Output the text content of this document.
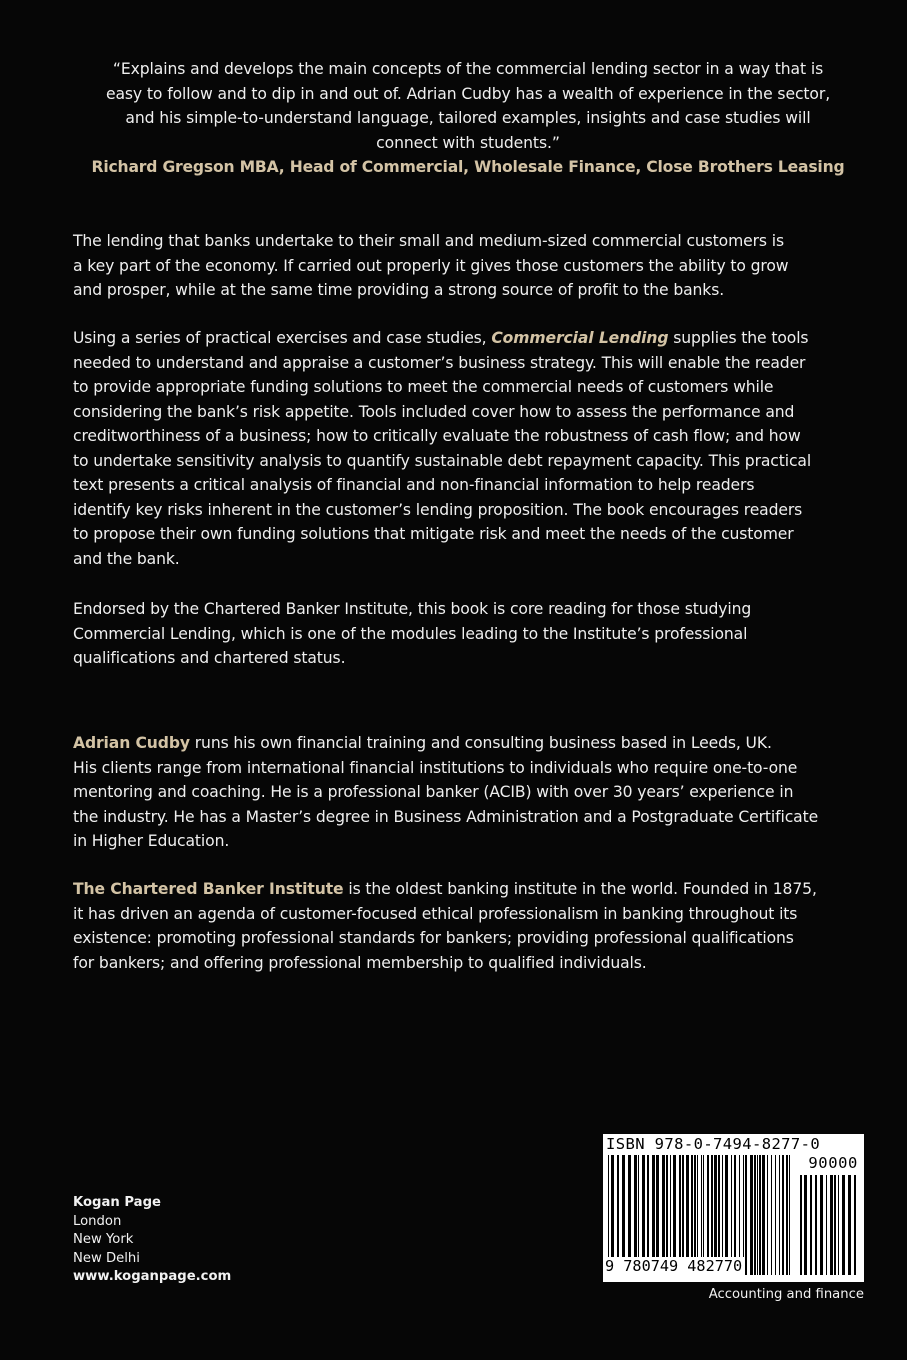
“Explains and develops the main concepts of the commercial lending sector in a way that is
easy to follow and to dip in and out of. Adrian Cudby has a wealth of experience in the sector,
and his simple-to-understand language, tailored examples, insights and case studies will
connect with students.”
Richard Gregson MBA, Head of Commercial, Wholesale Finance, Close Brothers Leasing
The lending that banks undertake to their small and medium-sized commercial customers is
a key part of the economy. If carried out properly it gives those customers the ability to grow
and prosper, while at the same time providing a strong source of profit to the banks.
Using a series of practical exercises and case studies, Commercial Lending supplies the tools
needed to understand and appraise a customer’s business strategy. This will enable the reader
to provide appropriate funding solutions to meet the commercial needs of customers while
considering the bank’s risk appetite. Tools included cover how to assess the performance and
creditworthiness of a business; how to critically evaluate the robustness of cash flow; and how
to undertake sensitivity analysis to quantify sustainable debt repayment capacity. This practical
text presents a critical analysis of financial and non-financial information to help readers
identify key risks inherent in the customer’s lending proposition. The book encourages readers
to propose their own funding solutions that mitigate risk and meet the needs of the customer
and the bank.
Endorsed by the Chartered Banker Institute, this book is core reading for those studying
Commercial Lending, which is one of the modules leading to the Institute’s professional
qualifications and chartered status.
Adrian Cudby runs his own financial training and consulting business based in Leeds, UK.
His clients range from international financial institutions to individuals who require one-to-one
mentoring and coaching. He is a professional banker (ACIB) with over 30 years’ experience in
the industry. He has a Master’s degree in Business Administration and a Postgraduate Certificate
in Higher Education.
The Chartered Banker Institute is the oldest banking institute in the world. Founded in 1875,
it has driven an agenda of customer-focused ethical professionalism in banking throughout its
existence: promoting professional standards for bankers; providing professional qualifications
for bankers; and offering professional membership to qualified individuals.
Kogan Page
London
New York
New Delhi
www.koganpage.com
ISBN 978-0-7494-8277-0
90000
9 780749 482770
Accounting and finance
